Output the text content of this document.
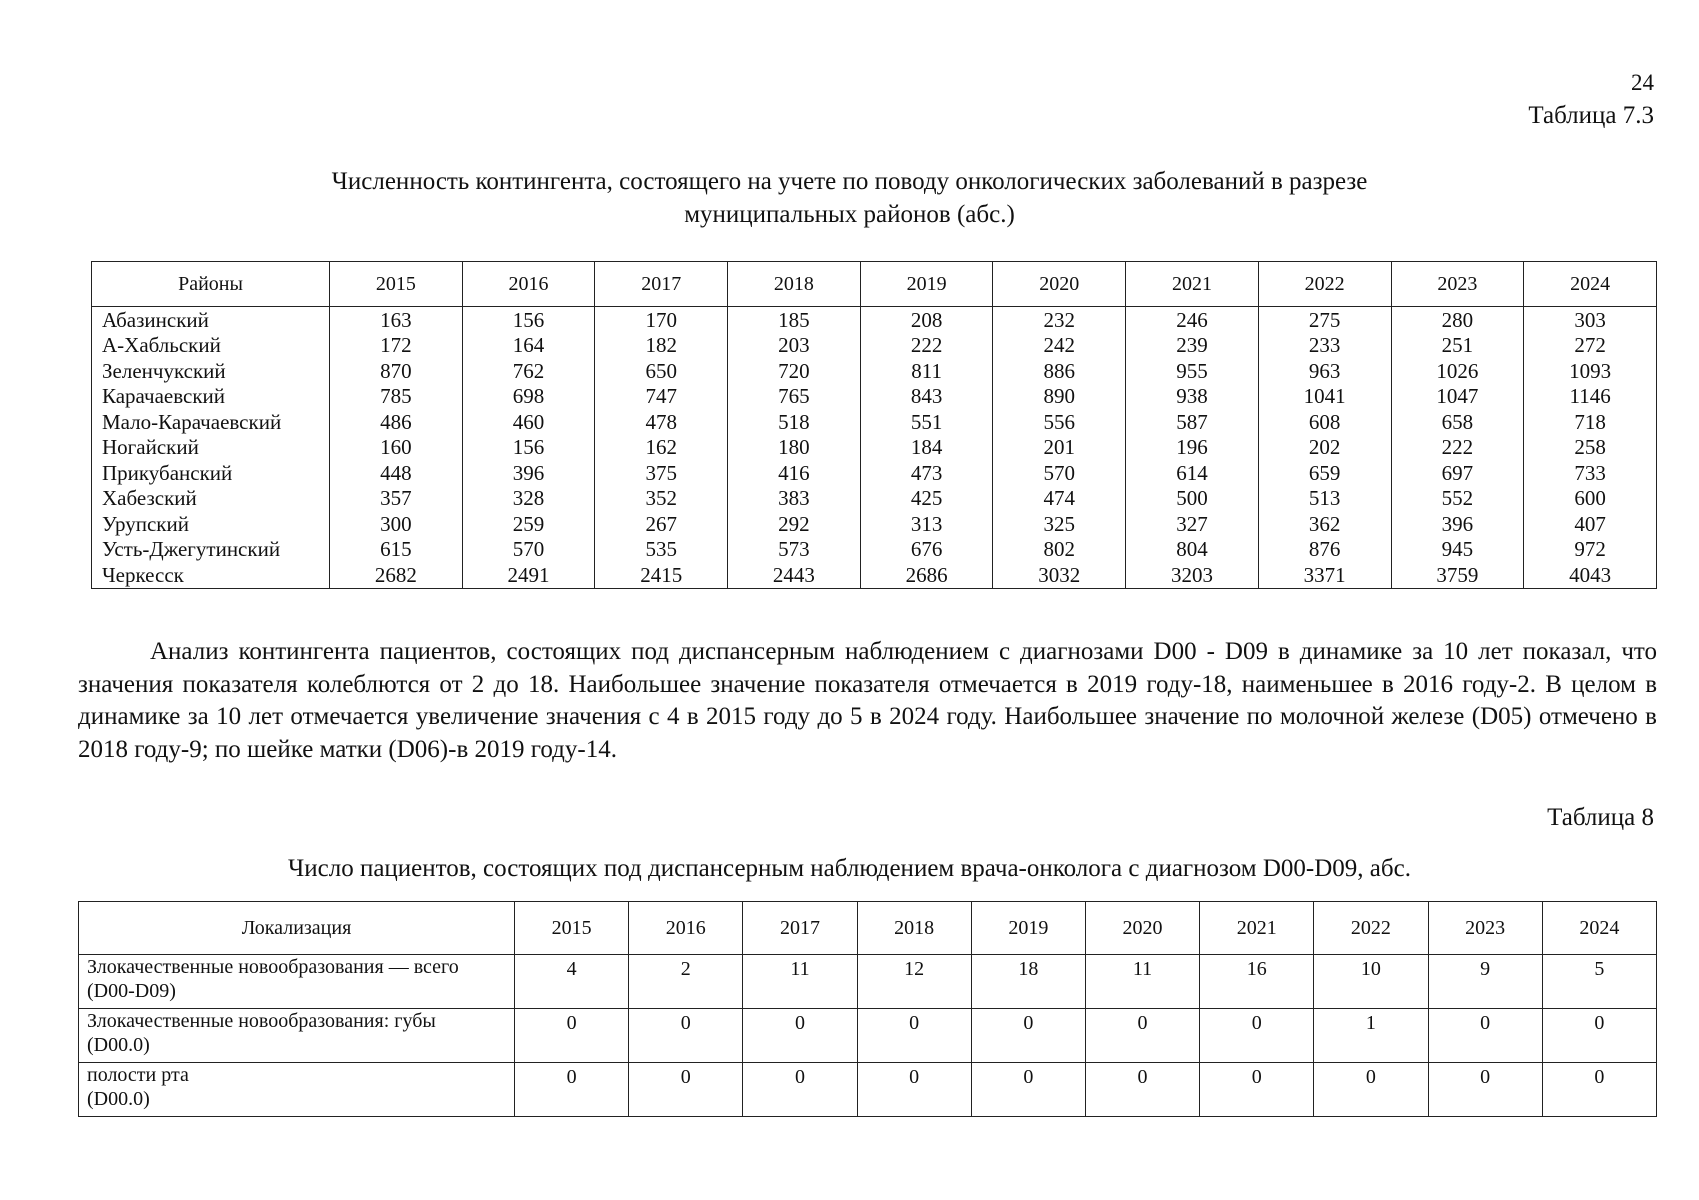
24
Таблица 7.3
Численность контингента, состоящего на учете по поводу онкологических заболеваний в разрезе
муниципальных районов (абс.)
Районы	2015	2016	2017	2018	2019	2020	2021	2022	2023	2024
Абазинский	163	156	170	185	208	232	246	275	280	303
А-Хабльский	172	164	182	203	222	242	239	233	251	272
Зеленчукский	870	762	650	720	811	886	955	963	1026	1093
Карачаевский	785	698	747	765	843	890	938	1041	1047	1146
Мало-Карачаевский	486	460	478	518	551	556	587	608	658	718
Ногайский	160	156	162	180	184	201	196	202	222	258
Прикубанский	448	396	375	416	473	570	614	659	697	733
Хабезский	357	328	352	383	425	474	500	513	552	600
Урупский	300	259	267	292	313	325	327	362	396	407
Усть-Джегутинский	615	570	535	573	676	802	804	876	945	972
Черкесск	2682	2491	2415	2443	2686	3032	3203	3371	3759	4043

Анализ контингента пациентов, состоящих под диспансерным наблюдением с диагнозами D00 - D09 в динамике за 10 лет показал, что значения показателя колеблются от 2 до 18. Наибольшее значение показателя отмечается в 2019 году-18, наименьшее в 2016 году-2. В целом в динамике за 10 лет отмечается увеличение значения с 4 в 2015 году до 5 в 2024 году. Наибольшее значение по молочной железе (D05) отмечено в 2018 году-9; по шейке матки (D06)-в 2019 году-14.

Таблица 8
Число пациентов, состоящих под диспансерным наблюдением врача-онколога с диагнозом D00-D09, абс.
Локализация	2015	2016	2017	2018	2019	2020	2021	2022	2023	2024

Злокачественные новообразования — всего
(D00-D09)	4	2	11	12	18	11	16	10	9	5

Злокачественные новообразования: губы
(D00.0)	0	0	0	0	0	0	0	1	0	0

полости рта
(D00.0)	0	0	0	0	0	0	0	0	0	0
